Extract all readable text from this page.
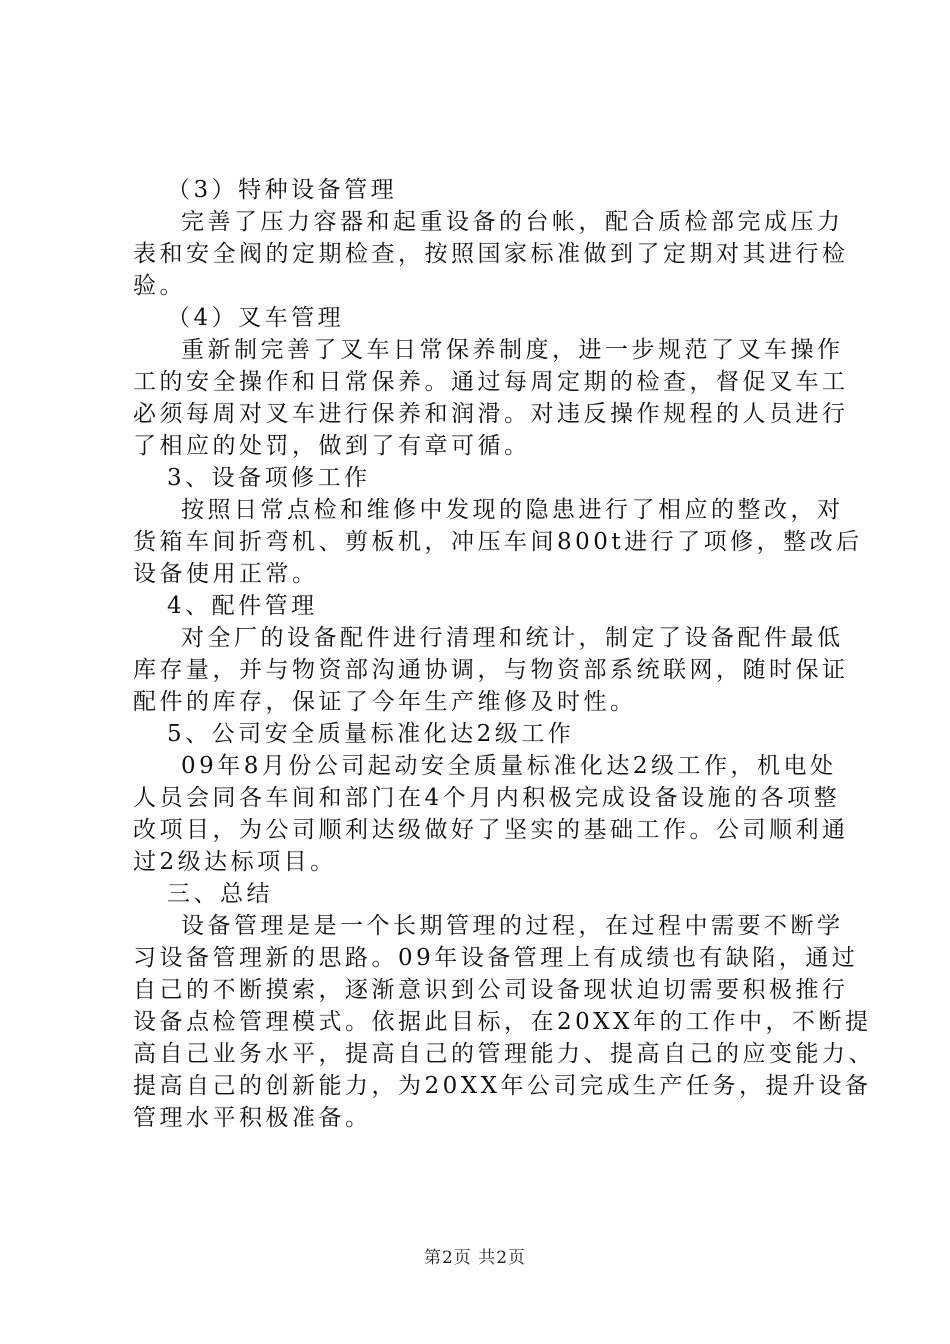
（3）特种设备管理
完善了压力容器和起重设备的台帐，配合质检部完成压力
表和安全阀的定期检查，按照国家标准做到了定期对其进行检
验。
（4）叉车管理
重新制完善了叉车日常保养制度，进一步规范了叉车操作
工的安全操作和日常保养。通过每周定期的检查，督促叉车工
必须每周对叉车进行保养和润滑。对违反操作规程的人员进行
了相应的处罚，做到了有章可循。
3、设备项修工作
按照日常点检和维修中发现的隐患进行了相应的整改，对
货箱车间折弯机、剪板机，冲压车间800t进行了项修，整改后
设备使用正常。
4、配件管理
对全厂的设备配件进行清理和统计，制定了设备配件最低
库存量，并与物资部沟通协调，与物资部系统联网，随时保证
配件的库存，保证了今年生产维修及时性。
5、公司安全质量标准化达2级工作
09年8月份公司起动安全质量标准化达2级工作，机电处
人员会同各车间和部门在4个月内积极完成设备设施的各项整
改项目，为公司顺利达级做好了坚实的基础工作。公司顺利通
过2级达标项目。
三、总结
设备管理是是一个长期管理的过程，在过程中需要不断学
习设备管理新的思路。09年设备管理上有成绩也有缺陷，通过
自己的不断摸索，逐渐意识到公司设备现状迫切需要积极推行
设备点检管理模式。依据此目标，在20XX年的工作中，不断提
高自己业务水平，提高自己的管理能力、提高自己的应变能力、
提高自己的创新能力，为20XX年公司完成生产任务，提升设备
管理水平积极准备。
第2页 共2页
